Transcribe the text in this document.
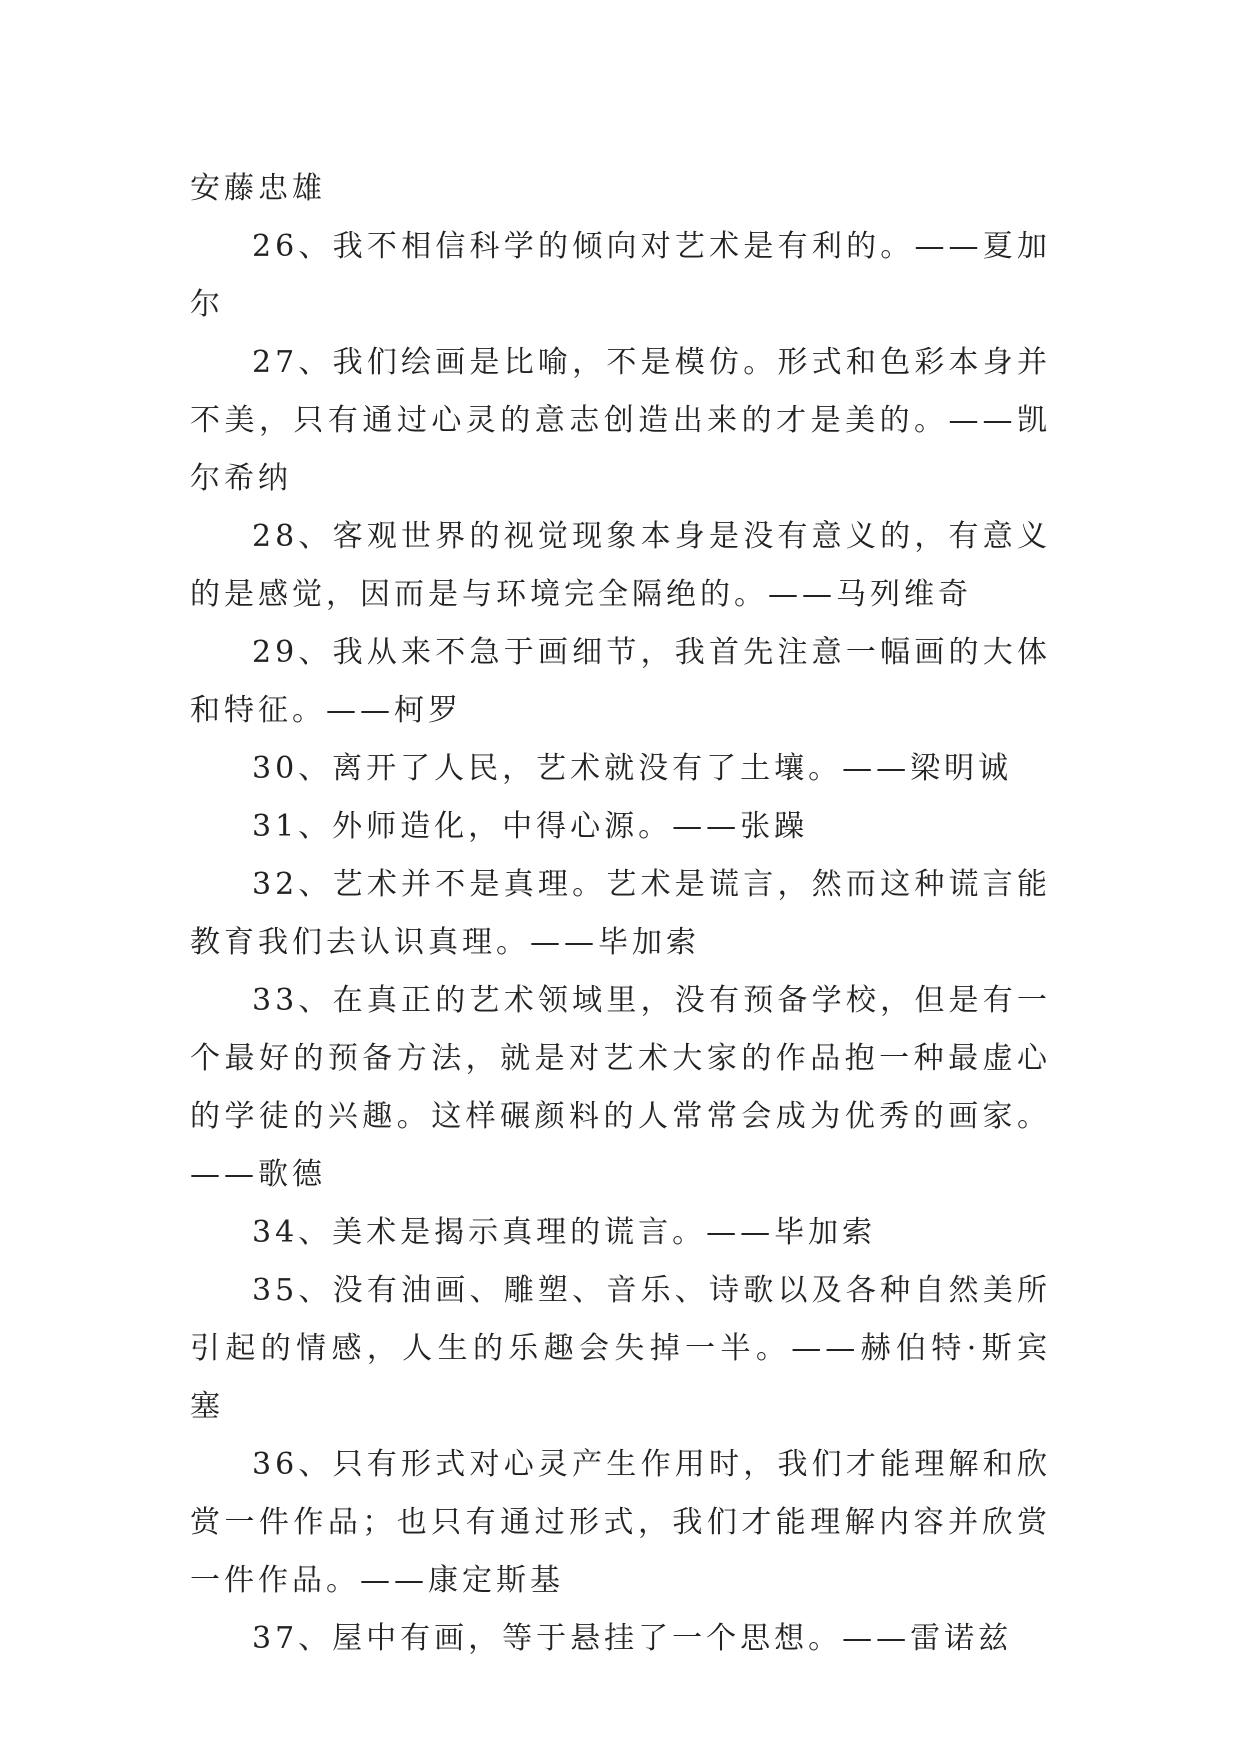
安藤忠雄

26、我不相信科学的倾向对艺术是有利的。——夏加尔

27、我们绘画是比喻，不是模仿。形式和色彩本身并不美，只有通过心灵的意志创造出来的才是美的。——凯尔希纳

28、客观世界的视觉现象本身是没有意义的，有意义的是感觉，因而是与环境完全隔绝的。——马列维奇

29、我从来不急于画细节，我首先注意一幅画的大体和特征。——柯罗

30、离开了人民，艺术就没有了土壤。——梁明诚

31、外师造化，中得心源。——张躁

32、艺术并不是真理。艺术是谎言，然而这种谎言能教育我们去认识真理。——毕加索

33、在真正的艺术领域里，没有预备学校，但是有一个最好的预备方法，就是对艺术大家的作品抱一种最虚心的学徒的兴趣。这样碾颜料的人常常会成为优秀的画家。——歌德

34、美术是揭示真理的谎言。——毕加索

35、没有油画、雕塑、音乐、诗歌以及各种自然美所引起的情感，人生的乐趣会失掉一半。——赫伯特·斯宾塞

36、只有形式对心灵产生作用时，我们才能理解和欣赏一件作品；也只有通过形式，我们才能理解内容并欣赏一件作品。——康定斯基

37、屋中有画，等于悬挂了一个思想。——雷诺兹
